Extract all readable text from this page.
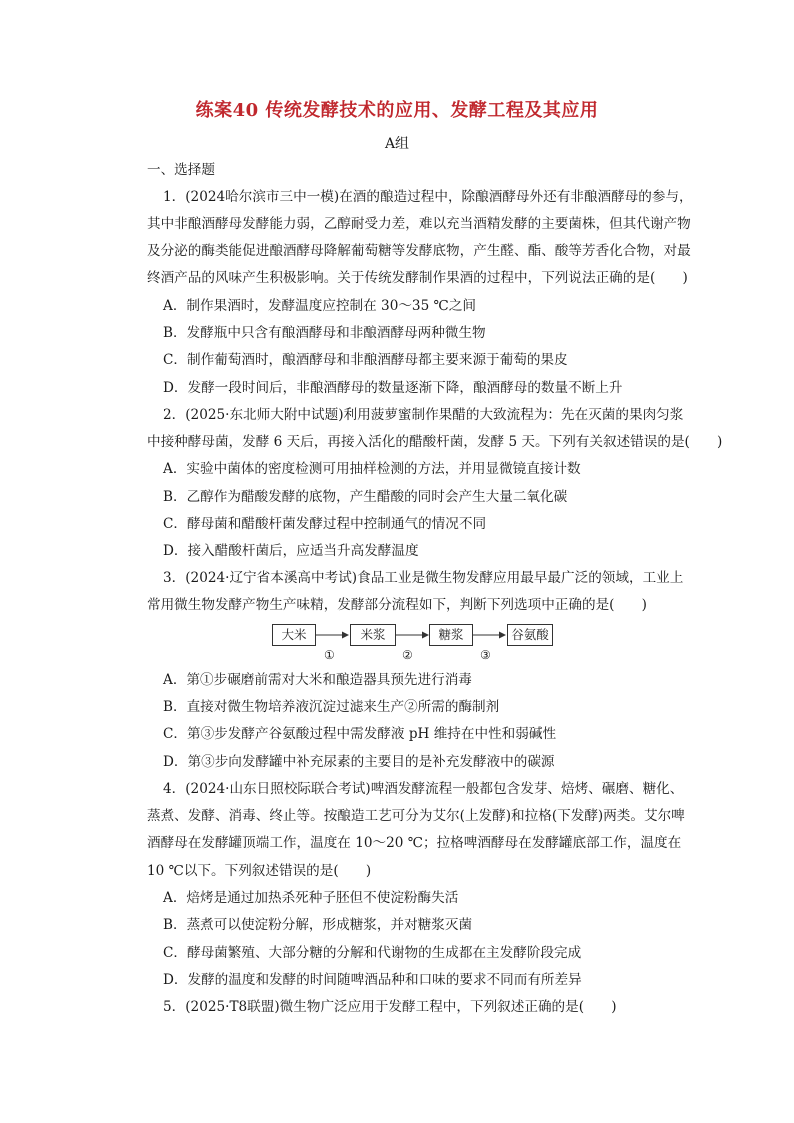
练案40 传统发酵技术的应用、发酵工程及其应用
A组
一、选择题
1．(2024哈尔滨市三中一模)在酒的酿造过程中，除酿酒酵母外还有非酿酒酵母的参与，
其中非酿酒酵母发酵能力弱，乙醇耐受力差，难以充当酒精发酵的主要菌株，但其代谢产物
及分泌的酶类能促进酿酒酵母降解葡萄糖等发酵底物，产生醛、酯、酸等芳香化合物，对最
终酒产品的风味产生积极影响。关于传统发酵制作果酒的过程中，下列说法正确的是(　　)
A．制作果酒时，发酵温度应控制在 30～35 ℃之间
B．发酵瓶中只含有酿酒酵母和非酿酒酵母两种微生物
C．制作葡萄酒时，酿酒酵母和非酿酒酵母都主要来源于葡萄的果皮
D．发酵一段时间后，非酿酒酵母的数量逐渐下降，酿酒酵母的数量不断上升
2．(2025·东北师大附中试题)利用菠萝蜜制作果醋的大致流程为：先在灭菌的果肉匀浆
中接种酵母菌，发酵 6 天后，再接入活化的醋酸杆菌，发酵 5 天。下列有关叙述错误的是(　　)
A．实验中菌体的密度检测可用抽样检测的方法，并用显微镜直接计数
B．乙醇作为醋酸发酵的底物，产生醋酸的同时会产生大量二氧化碳
C．酵母菌和醋酸杆菌发酵过程中控制通气的情况不同
D．接入醋酸杆菌后，应适当升高发酵温度
3．(2024·辽宁省本溪高中考试)食品工业是微生物发酵应用最早最广泛的领域，工业上
常用微生物发酵产物生产味精，发酵部分流程如下，判断下列选项中正确的是(　　)
大米	米浆	糖浆	谷氨酸
①	②	③
A．第①步碾磨前需对大米和酿造器具预先进行消毒
B．直接对微生物培养液沉淀过滤来生产②所需的酶制剂
C．第③步发酵产谷氨酸过程中需发酵液 pH 维持在中性和弱碱性
D．第③步向发酵罐中补充尿素的主要目的是补充发酵液中的碳源
4．(2024·山东日照校际联合考试)啤酒发酵流程一般都包含发芽、焙烤、碾磨、糖化、
蒸煮、发酵、消毒、终止等。按酿造工艺可分为艾尔(上发酵)和拉格(下发酵)两类。艾尔啤
酒酵母在发酵罐顶端工作，温度在 10～20 ℃；拉格啤酒酵母在发酵罐底部工作，温度在
10 ℃以下。下列叙述错误的是(　　)
A．焙烤是通过加热杀死种子胚但不使淀粉酶失活
B．蒸煮可以使淀粉分解，形成糖浆，并对糖浆灭菌
C．酵母菌繁殖、大部分糖的分解和代谢物的生成都在主发酵阶段完成
D．发酵的温度和发酵的时间随啤酒品种和口味的要求不同而有所差异
5．(2025·T8联盟)微生物广泛应用于发酵工程中，下列叙述正确的是(　　)
